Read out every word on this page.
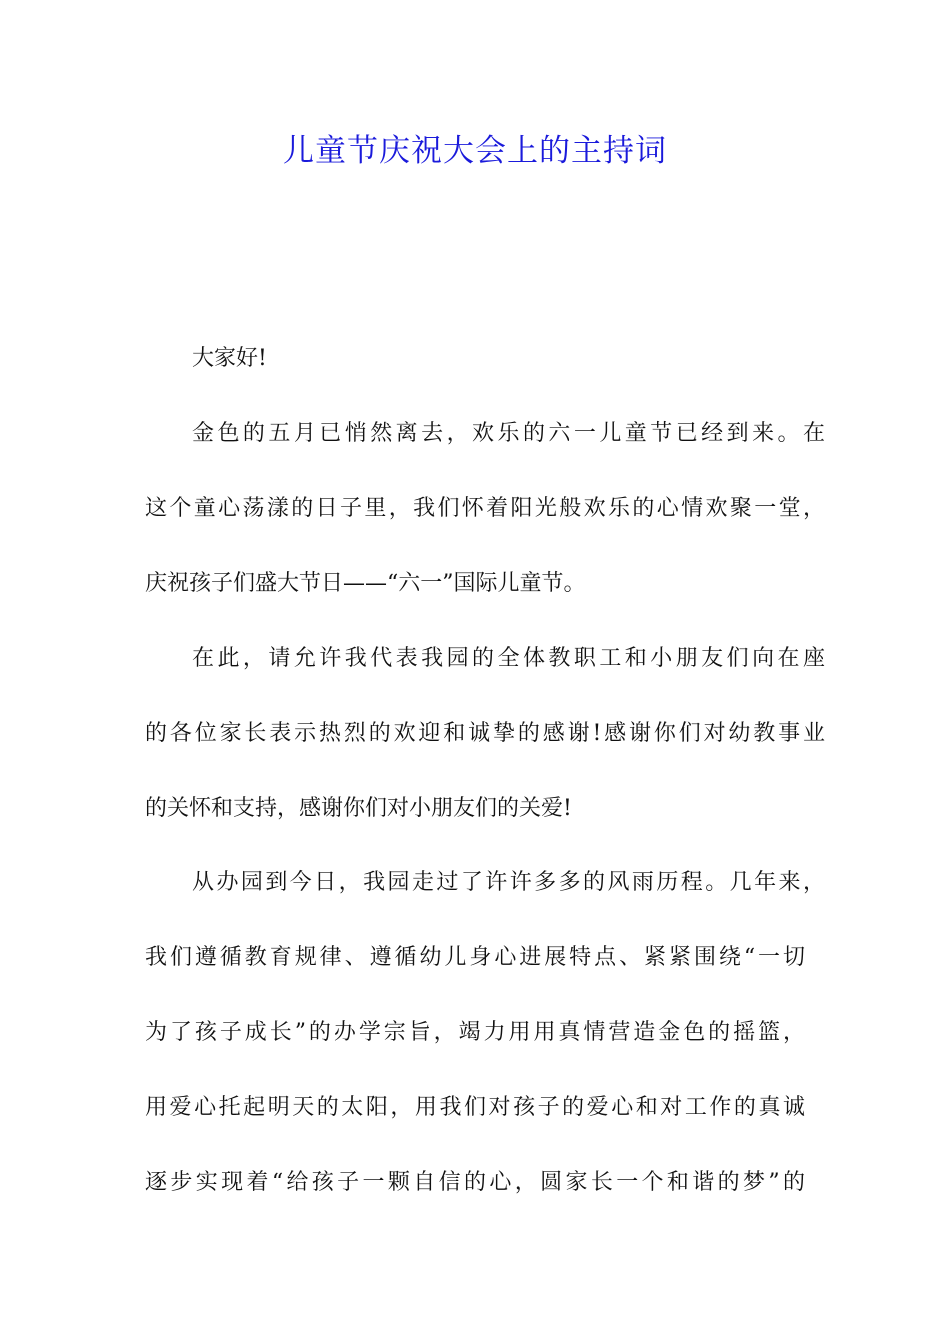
儿童节庆祝大会上的主持词

大家好!

金色的五月已悄然离去，欢乐的六一儿童节已经到来。在

这个童心荡漾的日子里，我们怀着阳光般欢乐的心情欢聚一堂，

庆祝孩子们盛大节日——“六一”国际儿童节。

在此，请允许我代表我园的全体教职工和小朋友们向在座

的各位家长表示热烈的欢迎和诚挚的感谢!感谢你们对幼教事业

的关怀和支持，感谢你们对小朋友们的关爱!

从办园到今日，我园走过了许许多多的风雨历程。几年来，

我们遵循教育规律、遵循幼儿身心进展特点、紧紧围绕“一切

为了孩子成长”的办学宗旨，竭力用用真情营造金色的摇篮，

用爱心托起明天的太阳，用我们对孩子的爱心和对工作的真诚

逐步实现着“给孩子一颗自信的心，圆家长一个和谐的梦”的
